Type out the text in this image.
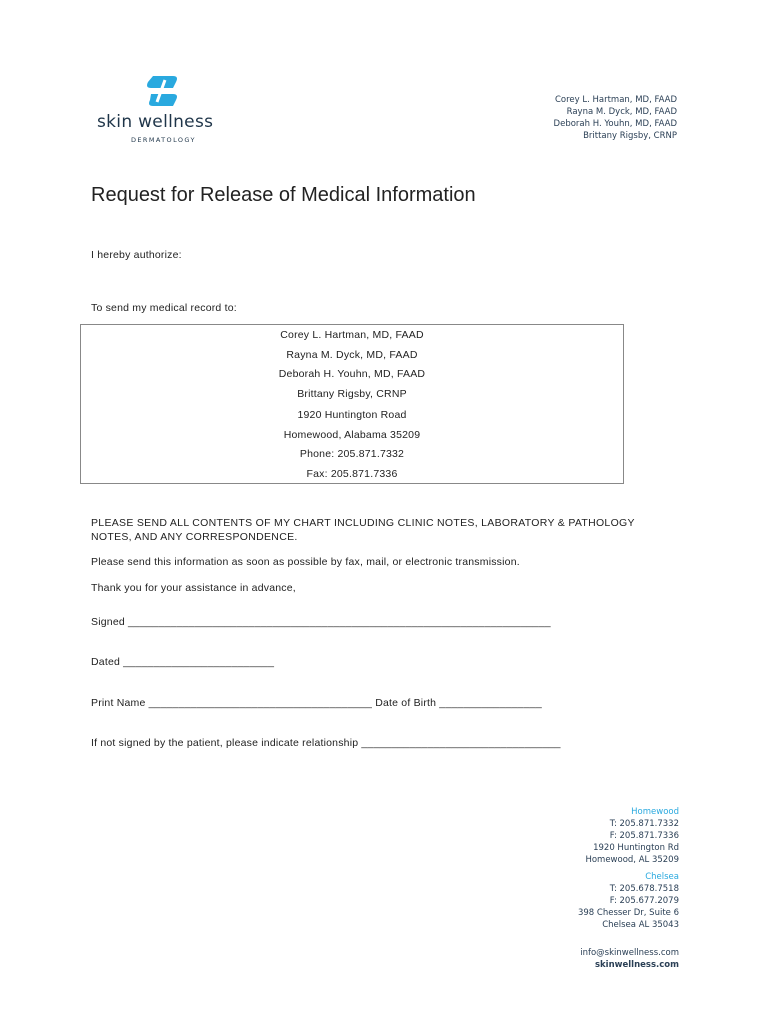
skin wellness
DERMATOLOGY
Corey L. Hartman, MD, FAAD
Rayna M. Dyck, MD, FAAD
Deborah H. Youhn, MD, FAAD
Brittany Rigsby, CRNP
Request for Release of Medical Information
I hereby authorize:
To send my medical record to:
Corey L. Hartman, MD, FAAD
Rayna M. Dyck, MD, FAAD
Deborah H. Youhn, MD, FAAD
Brittany Rigsby, CRNP
1920 Huntington Road
Homewood, Alabama 35209
Phone: 205.871.7332
Fax: 205.871.7336
PLEASE SEND ALL CONTENTS OF MY CHART INCLUDING CLINIC NOTES, LABORATORY & PATHOLOGY NOTES, AND ANY CORRESPONDENCE.
Please send this information as soon as possible by fax, mail, or electronic transmission.
Thank you for your assistance in advance,
Signed ______________________________________________________________________
Dated _________________________
Print Name _____________________________________ Date of Birth _________________
If not signed by the patient, please indicate relationship _________________________________
Homewood
T: 205.871.7332
F: 205.871.7336
1920 Huntington Rd
Homewood, AL 35209
Chelsea
T: 205.678.7518
F: 205.677.2079
398 Chesser Dr, Suite 6
Chelsea AL 35043
info@skinwellness.com
skinwellness.com
